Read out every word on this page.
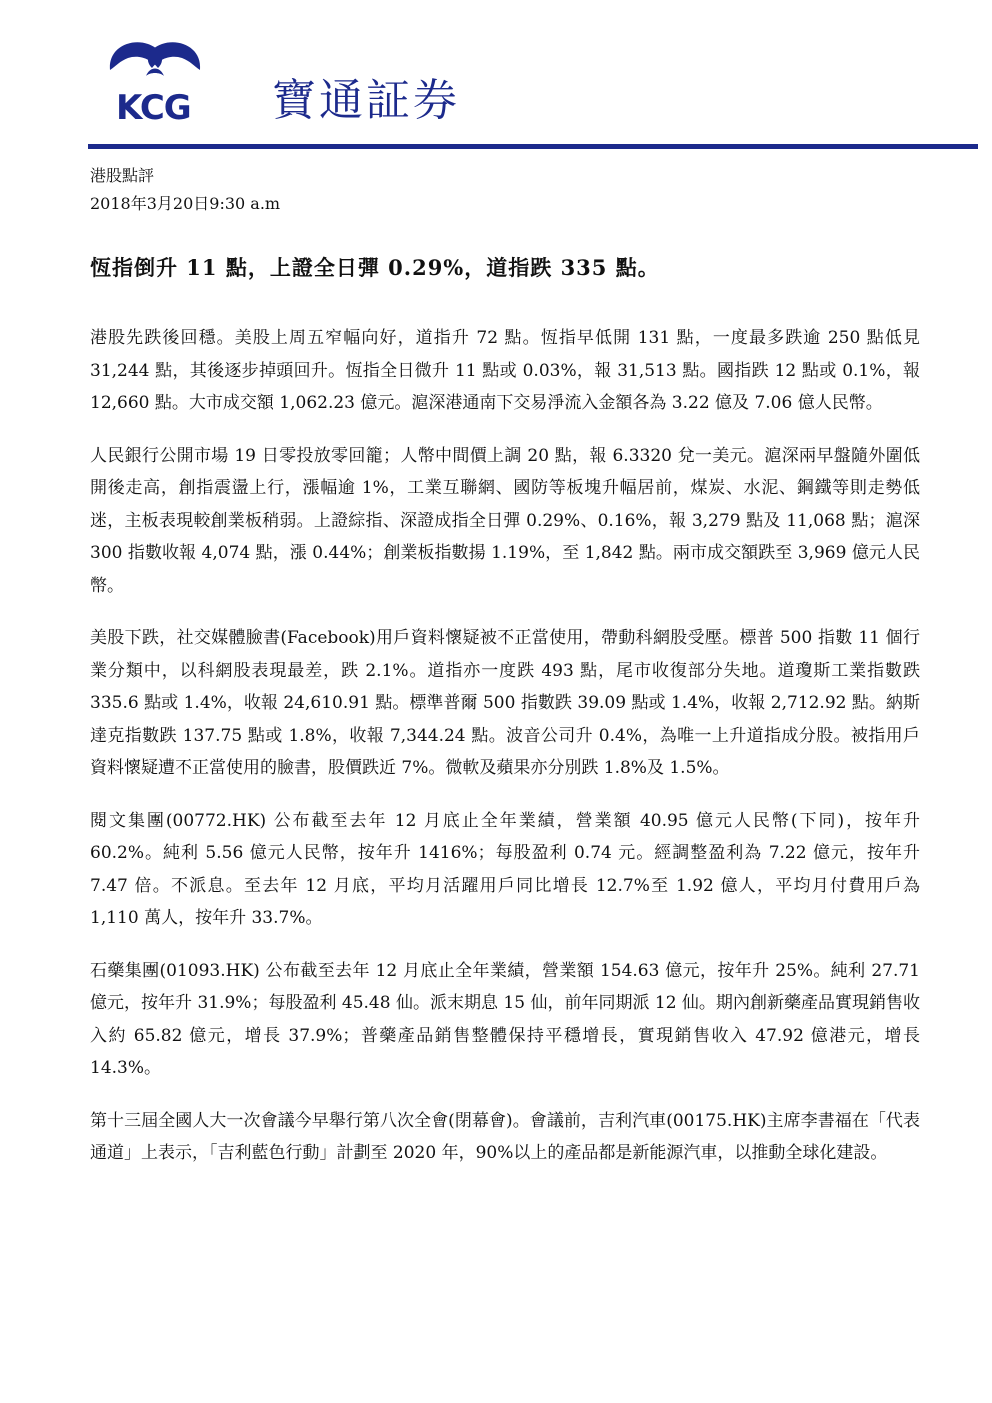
KCG 寶通証券
港股點評
2018年3月20日9:30 a.m
恆指倒升 11 點，上證全日彈 0.29%，道指跌 335 點。

港股先跌後回穩。美股上周五窄幅向好，道指升 72 點。恆指早低開 131 點，一度最多跌逾 250 點低見 31,244 點，其後逐步掉頭回升。恆指全日微升 11 點或 0.03%，報 31,513 點。國指跌 12 點或 0.1%，報 12,660 點。大市成交額 1,062.23 億元。滬深港通南下交易淨流入金額各為 3.22 億及 7.06 億人民幣。

人民銀行公開市場 19 日零投放零回籠；人幣中間價上調 20 點，報 6.3320 兌一美元。滬深兩早盤隨外圍低開後走高，創指震盪上行，漲幅逾 1%，工業互聯網、國防等板塊升幅居前，煤炭、水泥、鋼鐵等則走勢低迷，主板表現較創業板稍弱。上證綜指、深證成指全日彈 0.29%、0.16%，報 3,279 點及 11,068 點；滬深 300 指數收報 4,074 點，漲 0.44%；創業板指數揚 1.19%，至 1,842 點。兩市成交額跌至 3,969 億元人民幣。

美股下跌，社交媒體臉書(Facebook)用戶資料懷疑被不正當使用，帶動科網股受壓。標普 500 指數 11 個行業分類中，以科網股表現最差，跌 2.1%。道指亦一度跌 493 點，尾市收復部分失地。道瓊斯工業指數跌 335.6 點或 1.4%，收報 24,610.91 點。標準普爾 500 指數跌 39.09 點或 1.4%，收報 2,712.92 點。納斯達克指數跌 137.75 點或 1.8%，收報 7,344.24 點。波音公司升 0.4%，為唯一上升道指成分股。被指用戶資料懷疑遭不正當使用的臉書，股價跌近 7%。微軟及蘋果亦分別跌 1.8%及 1.5%。

閱文集團(00772.HK) 公布截至去年 12 月底止全年業績，營業額 40.95 億元人民幣(下同)，按年升 60.2%。純利 5.56 億元人民幣，按年升 1416%；每股盈利 0.74 元。經調整盈利為 7.22 億元，按年升 7.47 倍。不派息。至去年 12 月底，平均月活躍用戶同比增長 12.7%至 1.92 億人，平均月付費用戶為 1,110 萬人，按年升 33.7%。

石藥集團(01093.HK) 公布截至去年 12 月底止全年業績，營業額 154.63 億元，按年升 25%。純利 27.71 億元，按年升 31.9%；每股盈利 45.48 仙。派末期息 15 仙，前年同期派 12 仙。期內創新藥產品實現銷售收入約 65.82 億元，增長 37.9%；普藥產品銷售整體保持平穩增長，實現銷售收入 47.92 億港元，增長 14.3%。

第十三屆全國人大一次會議今早舉行第八次全會(閉幕會)。會議前，吉利汽車(00175.HK)主席李書福在「代表通道」上表示，「吉利藍色行動」計劃至 2020 年，90%以上的產品都是新能源汽車，以推動全球化建設。
